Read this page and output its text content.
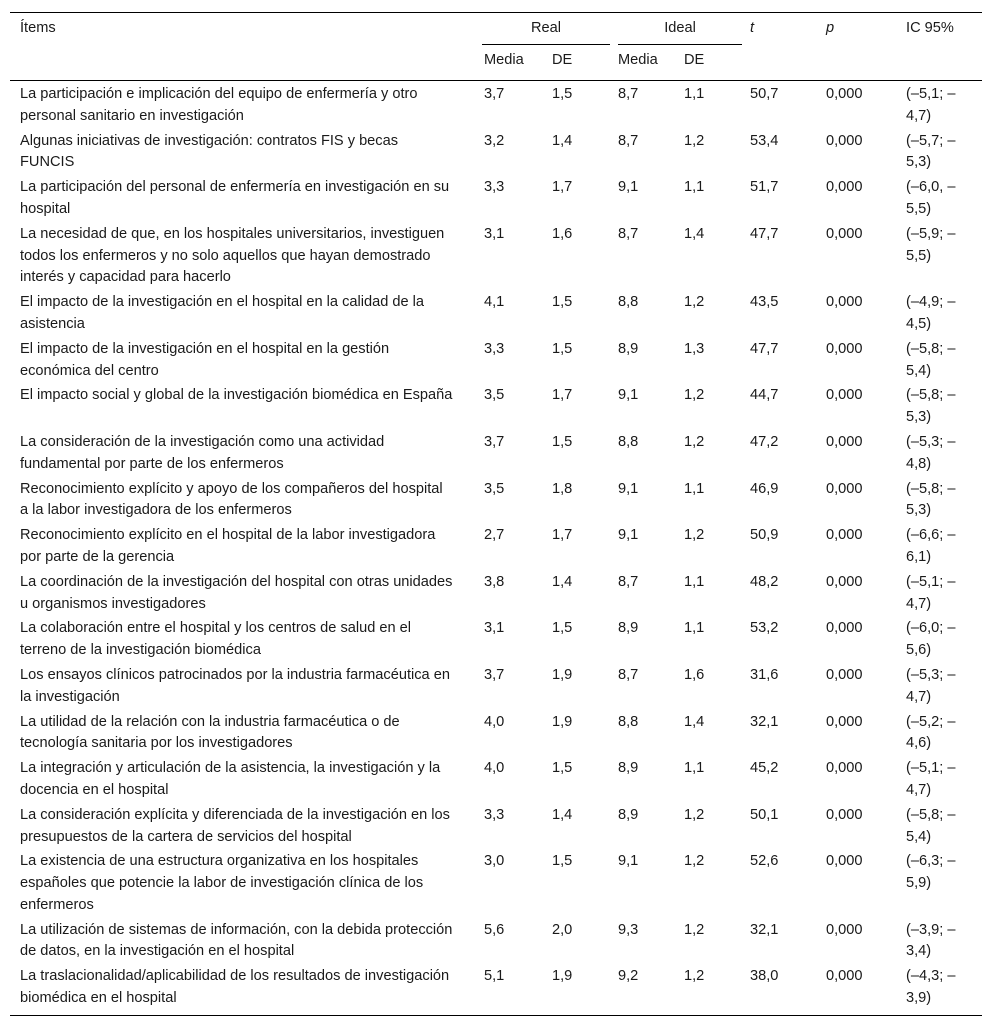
Ítems	Real		Ideal		t	p	IC 95%
	Media	DE	Media	DE			
La participación e implicación del equipo de enfermería y otro personal sanitario en investigación	3,7	1,5	8,7	1,1	50,7	0,000	(–5,1; –4,7)
Algunas iniciativas de investigación: contratos FIS y becas FUNCIS	3,2	1,4	8,7	1,2	53,4	0,000	(–5,7; –5,3)
La participación del personal de enfermería en investigación en su hospital	3,3	1,7	9,1	1,1	51,7	0,000	(–6,0, –5,5)
La necesidad de que, en los hospitales universitarios, investiguen todos los enfermeros y no solo aquellos que hayan demostrado interés y capacidad para hacerlo	3,1	1,6	8,7	1,4	47,7	0,000	(–5,9; –5,5)
El impacto de la investigación en el hospital en la calidad de la asistencia	4,1	1,5	8,8	1,2	43,5	0,000	(–4,9; –4,5)
El impacto de la investigación en el hospital en la gestión económica del centro	3,3	1,5	8,9	1,3	47,7	0,000	(–5,8; –5,4)
El impacto social y global de la investigación biomédica en España	3,5	1,7	9,1	1,2	44,7	0,000	(–5,8; –5,3)
La consideración de la investigación como una actividad fundamental por parte de los enfermeros	3,7	1,5	8,8	1,2	47,2	0,000	(–5,3; –4,8)
Reconocimiento explícito y apoyo de los compañeros del hospital a la labor investigadora de los enfermeros	3,5	1,8	9,1	1,1	46,9	0,000	(–5,8; –5,3)
Reconocimiento explícito en el hospital de la labor investigadora por parte de la gerencia	2,7	1,7	9,1	1,2	50,9	0,000	(–6,6; –6,1)
La coordinación de la investigación del hospital con otras unidades u organismos investigadores	3,8	1,4	8,7	1,1	48,2	0,000	(–5,1; –4,7)
La colaboración entre el hospital y los centros de salud en el terreno de la investigación biomédica	3,1	1,5	8,9	1,1	53,2	0,000	(–6,0; –5,6)
Los ensayos clínicos patrocinados por la industria farmacéutica en la investigación	3,7	1,9	8,7	1,6	31,6	0,000	(–5,3; –4,7)
La utilidad de la relación con la industria farmacéutica o de tecnología sanitaria por los investigadores	4,0	1,9	8,8	1,4	32,1	0,000	(–5,2; –4,6)
La integración y articulación de la asistencia, la investigación y la docencia en el hospital	4,0	1,5	8,9	1,1	45,2	0,000	(–5,1; –4,7)
La consideración explícita y diferenciada de la investigación en los presupuestos de la cartera de servicios del hospital	3,3	1,4	8,9	1,2	50,1	0,000	(–5,8; –5,4)
La existencia de una estructura organizativa en los hospitales españoles que potencie la labor de investigación clínica de los enfermeros	3,0	1,5	9,1	1,2	52,6	0,000	(–6,3; –5,9)
La utilización de sistemas de información, con la debida protección de datos, en la investigación en el hospital	5,6	2,0	9,3	1,2	32,1	0,000	(–3,9; –3,4)
La traslacionalidad/aplicabilidad de los resultados de investigación biomédica en el hospital	5,1	1,9	9,2	1,2	38,0	0,000	(–4,3; –3,9)
